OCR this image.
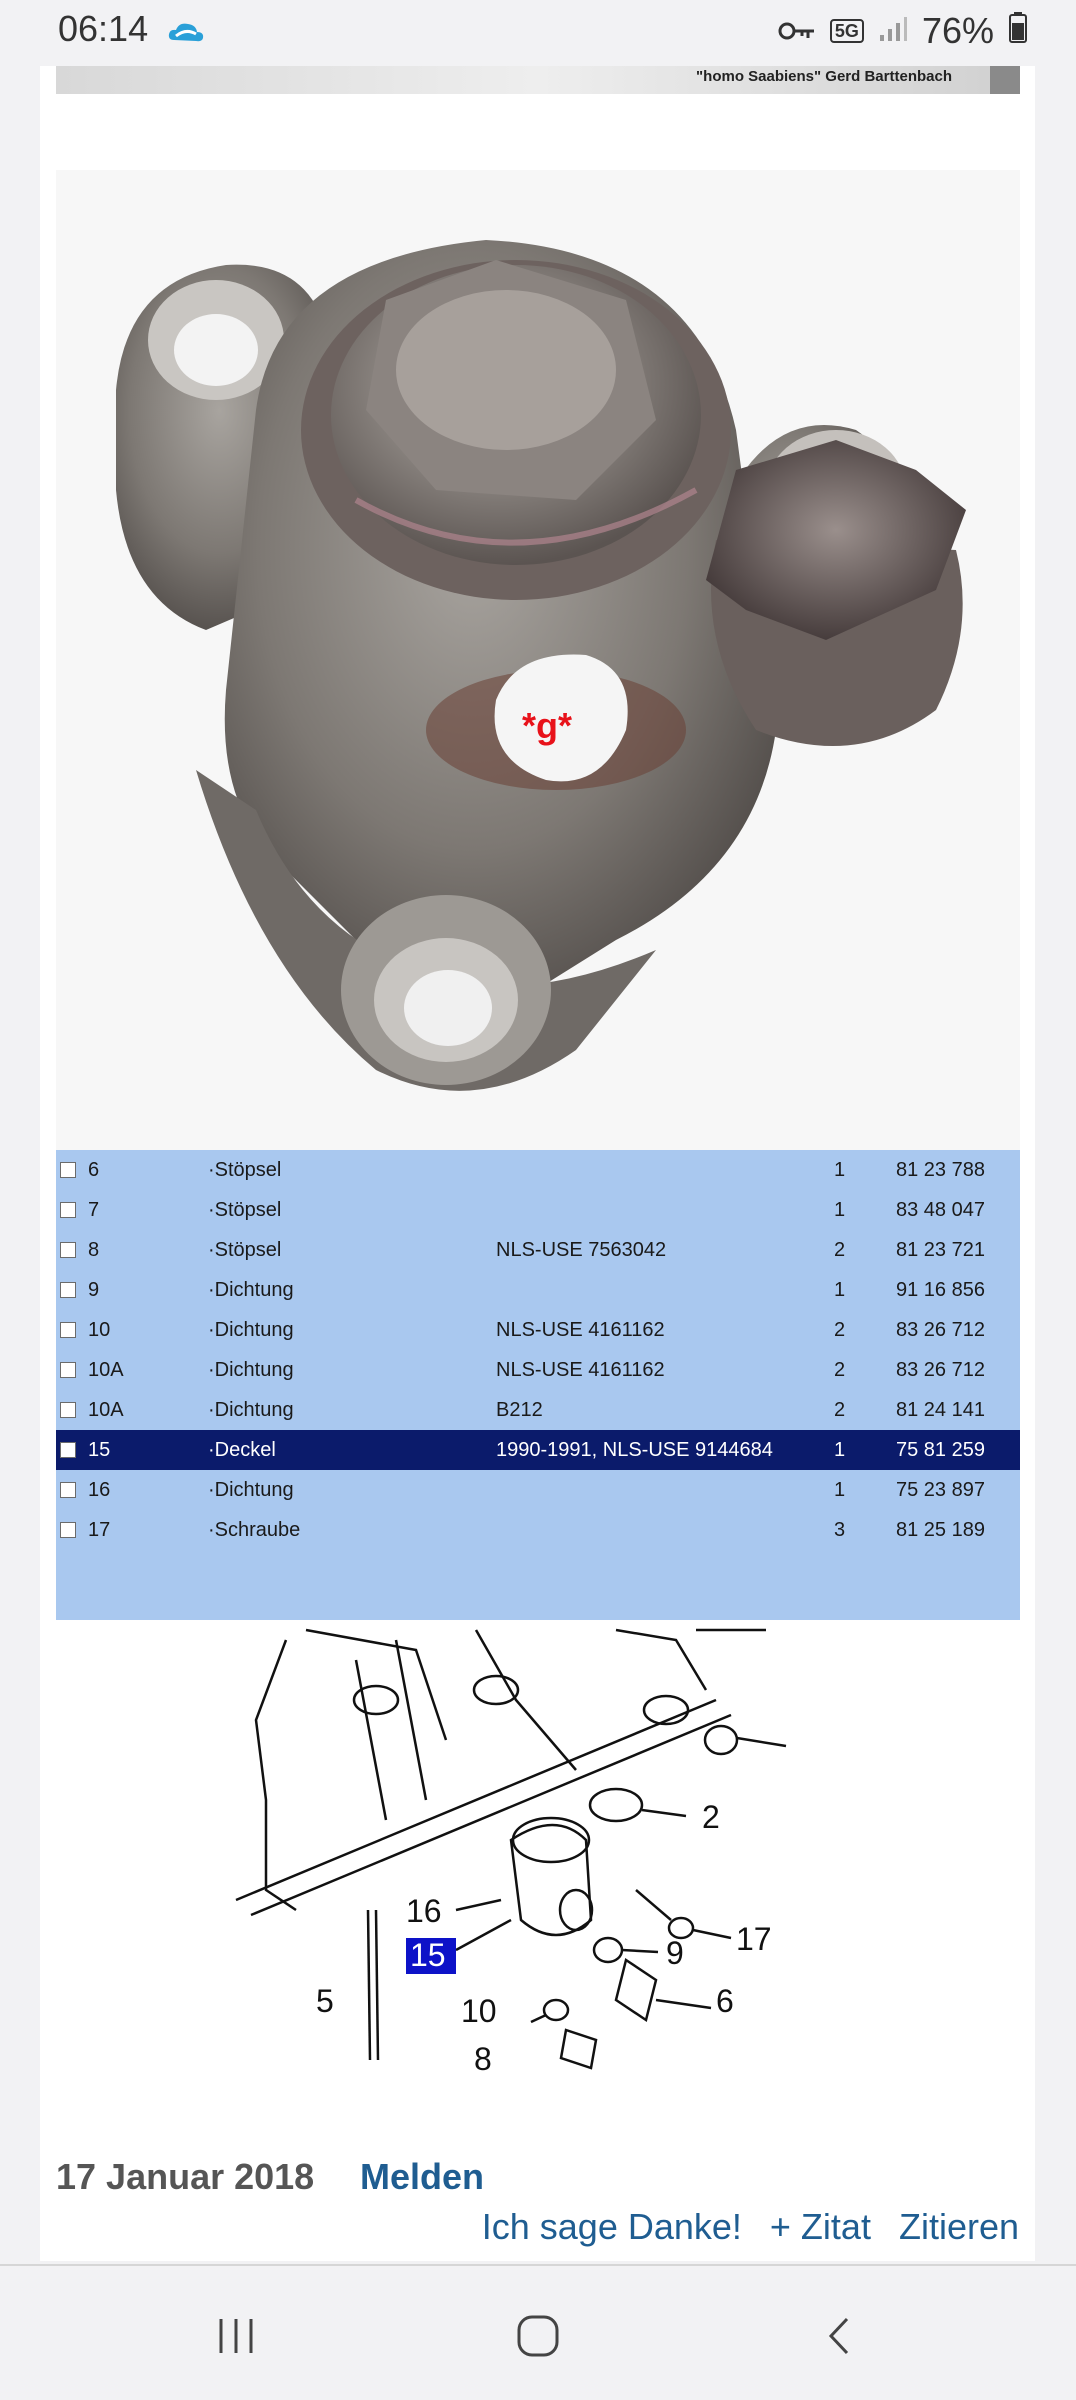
06:14	5G 76%
"homo Saabiens" Gerd Barttenbach
*g*
6	·Stöpsel	1	81 23 788
7	·Stöpsel	1	83 48 047
8	·Stöpsel	NLS-USE 7563042	2	81 23 721
9	·Dichtung	1	91 16 856
10	·Dichtung	NLS-USE 4161162	2	83 26 712
10A	·Dichtung	NLS-USE 4161162	2	83 26 712
10A	·Dichtung	B212	2	81 24 141
15	·Deckel	1990-1991, NLS-USE 9144684	1	75 81 259
16	·Dichtung	1	75 23 897
17	·Schraube	3	81 25 189
2
16
17
15	9
5	10	6
8
17 Januar 2018 Melden
Ich sage Danke! + Zitat Zitieren
